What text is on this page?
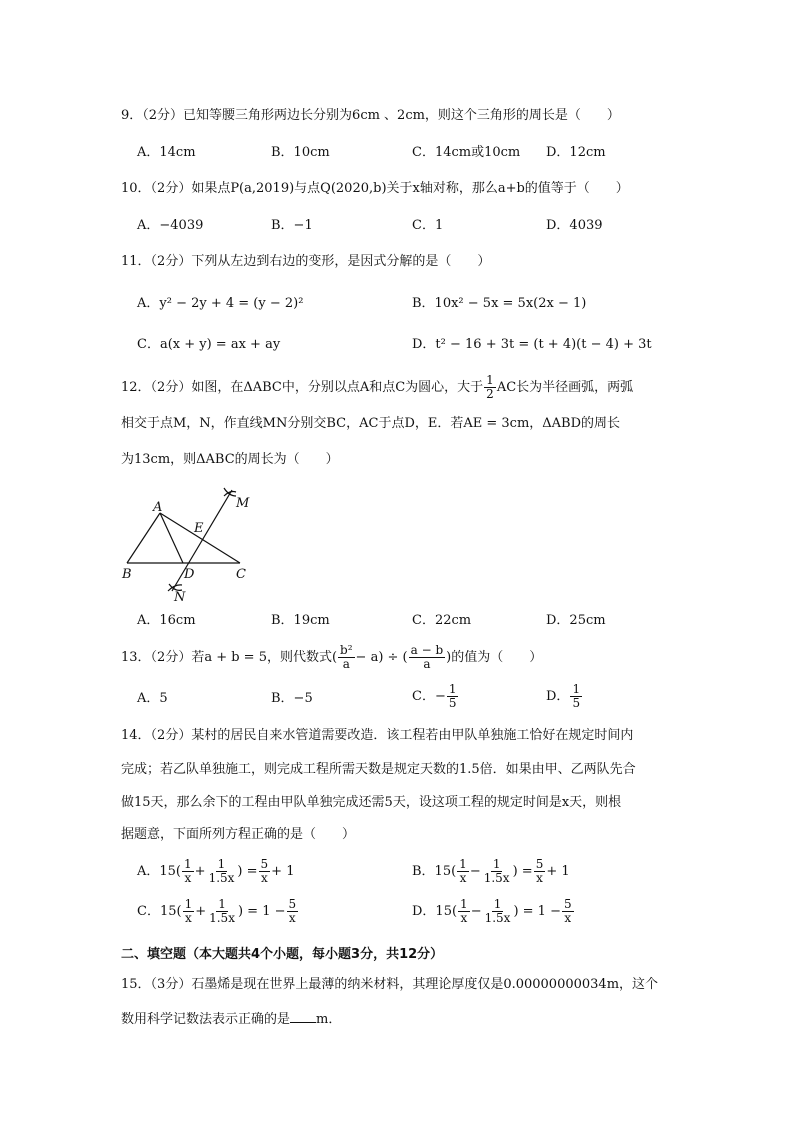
9．（2分）已知等腰三角形两边长分别为6cm 、2cm，则这个三角形的周长是（　　）
A．14cm	B．10cm	C．14cm或10cm D．12cm
10．（2分）如果点P(a,2019)与点Q(2020,b)关于x轴对称，那么a+b的值等于（　　）
A．−4039	B．−1	C．1	D．4039
11．（2分）下列从左边到右边的变形，是因式分解的是（　　）
A．y² − 2y + 4 = (y − 2)²	B．10x² − 5x = 5x(2x − 1)
C．a(x + y) = ax + ay	D．t² − 16 + 3t = (t + 4)(t − 4) + 3t
12．（2分）如图，在ΔABC中，分别以点A和点C为圆心，大于 $\frac{1}{2}$ AC长为半径画弧，两弧
相交于点M，N，作直线MN分别交BC，AC于点D，E．若AE = 3cm，ΔABD的周长
为13cm，则ΔABC的周长为（　　）
A
B	C
D
E
M
N
A．16cm	B．19cm	C．22cm	D．25cm
13．（2分）若a + b = 5，则代数式( $\frac{\text{b²}}{a} - a$) ÷ ( $\frac{a - b}{a}$ )的值为（　　）
A．5	B．−5	C．− $\frac{1}{5}$	D． $\frac{1}{5}$
14．（2分）某村的居民自来水管道需要改造．该工程若由甲队单独施工恰好在规定时间内
完成；若乙队单独施工，则完成工程所需天数是规定天数的1.5倍．如果由甲、乙两队先合
做15天，那么余下的工程由甲队单独完成还需5天，设这项工程的规定时间是x天，则根
据题意，下面所列方程正确的是（　　）
A．$15( \frac{1}{x} + \frac{1}{1.5x}$ ) = $\frac{5}{x} + 1$	B．$15( \frac{1}{x} - \frac{1}{1.5x}$ ) = $\frac{5}{x} + 1$
C．$15( \frac{1}{x} + \frac{1}{1.5x}$ ) = $1 - \frac{5}{x}$	D．$15( \frac{1}{x} - \frac{1}{1.5x}$ ) = $1 - \frac{5}{x}$
二、填空题（本大题共4个小题，每小题3分，共12分）
15．（3分）石墨烯是现在世界上最薄的纳米材料，其理论厚度仅是0.00000000034m，这个
数用科学记数法表示正确的是 m．
